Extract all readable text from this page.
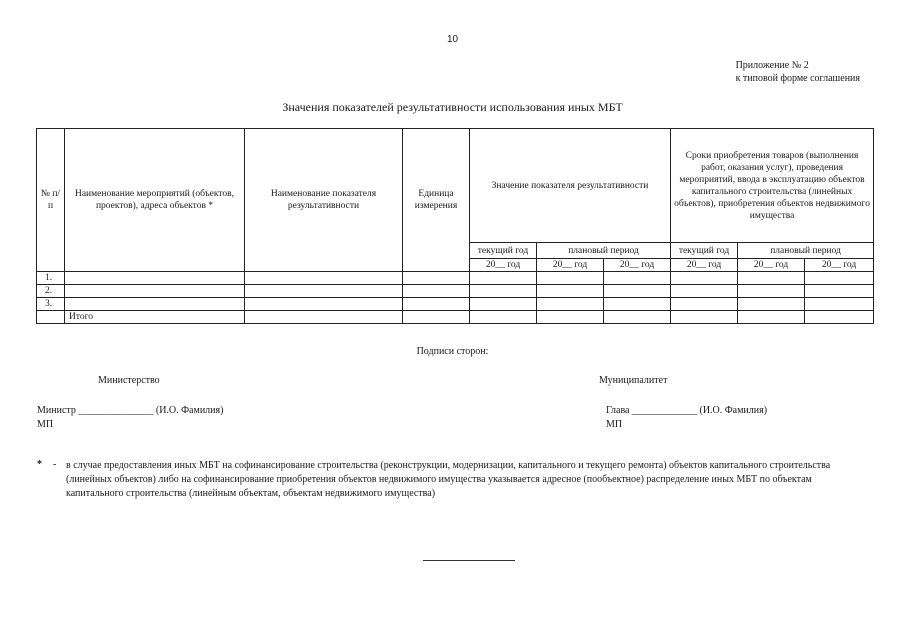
10
Приложение № 2
к типовой форме соглашения
Значения показателей результативности использования иных МБТ
№ п/п	Наименование мероприятий (объектов, проектов), адреса объектов *	Наименование показателя результативности	Единица измерения	Значение показателя результативности			Сроки приобретения товаров (выполнения работ, оказания услуг), проведения мероприятий, ввода в эксплуатацию объектов капитального строительства (линейных объектов), приобретения объектов недвижимого имущества		
				текущий год	плановый период		текущий год	плановый период	
				20__ год	20__ год	20__ год	20__ год	20__ год	20__ год
1.									
2.									
3.									
	Итого								
Подписи сторон:
Министерство	Муниципалитет
Министр _______________ (И.О. Фамилия)
МП
Глава _____________ (И.О. Фамилия)
МП
* - в случае предоставления иных МБТ на софинансирование строительства (реконструкции, модернизации, капитального и текущего ремонта) объектов капитального строительства (линейных объектов) либо на софинансирование приобретения объектов недвижимого имущества указывается адресное (пообъектное) распределение иных МБТ по объектам капитального строительства (линейным объектам, объектам недвижимого имущества)
